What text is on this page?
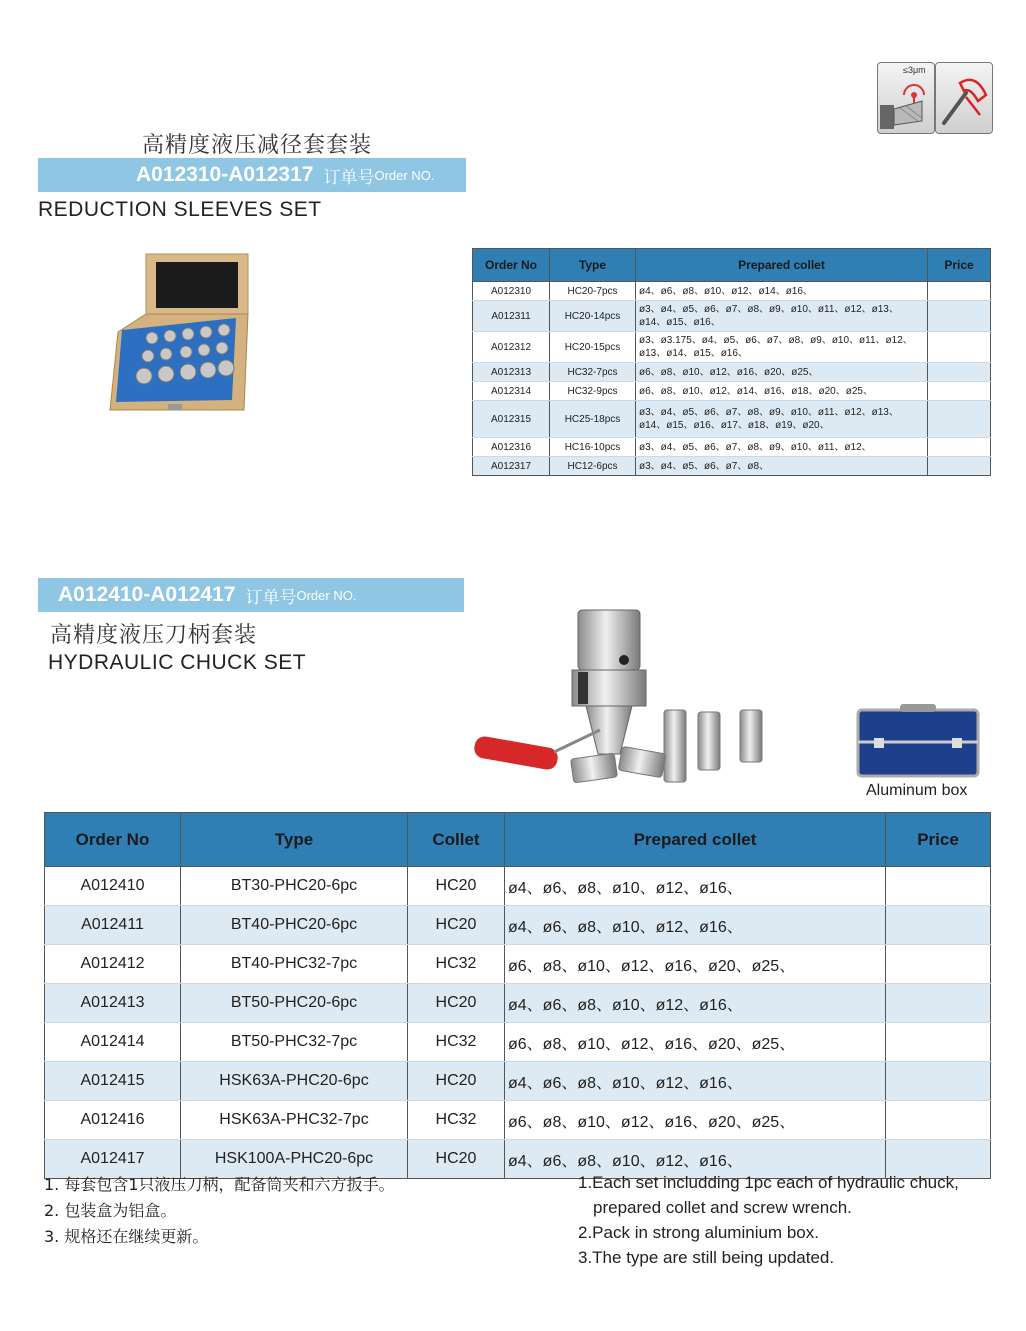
≤3μm
高精度液压减径套套装
A012310-A012317 订单号 Order NO.
REDUCTION SLEEVES SET
Order No	Type	Prepared collet	Price
A012310	HC20-7pcs	ø4、ø6、ø8、ø10、ø12、ø14、ø16、	
A012311	HC20-14pcs	ø3、ø4、ø5、ø6、ø7、ø8、ø9、ø10、ø11、ø12、ø13、ø14、ø15、ø16、	
A012312	HC20-15pcs	ø3、ø3.175、ø4、ø5、ø6、ø7、ø8、ø9、ø10、ø11、ø12、ø13、ø14、ø15、ø16、	
A012313	HC32-7pcs	ø6、ø8、ø10、ø12、ø16、ø20、ø25、	
A012314	HC32-9pcs	ø6、ø8、ø10、ø12、ø14、ø16、ø18、ø20、ø25、	
A012315	HC25-18pcs	ø3、ø4、ø5、ø6、ø7、ø8、ø9、ø10、ø11、ø12、ø13、ø14、ø15、ø16、ø17、ø18、ø19、ø20、	
A012316	HC16-10pcs	ø3、ø4、ø5、ø6、ø7、ø8、ø9、ø10、ø11、ø12、	
A012317	HC12-6pcs	ø3、ø4、ø5、ø6、ø7、ø8、	
A012410-A012417 订单号 Order NO.
高精度液压刀柄套装
HYDRAULIC CHUCK SET
Aluminum box
Order No	Type	Collet	Prepared collet	Price
A012410	BT30-PHC20-6pc	HC20	ø4、ø6、ø8、ø10、ø12、ø16、	
A012411	BT40-PHC20-6pc	HC20	ø4、ø6、ø8、ø10、ø12、ø16、	
A012412	BT40-PHC32-7pc	HC32	ø6、ø8、ø10、ø12、ø16、ø20、ø25、	
A012413	BT50-PHC20-6pc	HC20	ø4、ø6、ø8、ø10、ø12、ø16、	
A012414	BT50-PHC32-7pc	HC32	ø6、ø8、ø10、ø12、ø16、ø20、ø25、	
A012415	HSK63A-PHC20-6pc	HC20	ø4、ø6、ø8、ø10、ø12、ø16、	
A012416	HSK63A-PHC32-7pc	HC32	ø6、ø8、ø10、ø12、ø16、ø20、ø25、	
A012417	HSK100A-PHC20-6pc	HC20	ø4、ø6、ø8、ø10、ø12、ø16、	
1. 每套包含1只液压刀柄，配备筒夹和六方扳手。
2. 包装盒为铝盒。
3. 规格还在继续更新。
1.Each set includding 1pc each of hydraulic chuck,
prepared collet and screw wrench.
2.Pack in strong aluminium box.
3.The type are still being updated.
